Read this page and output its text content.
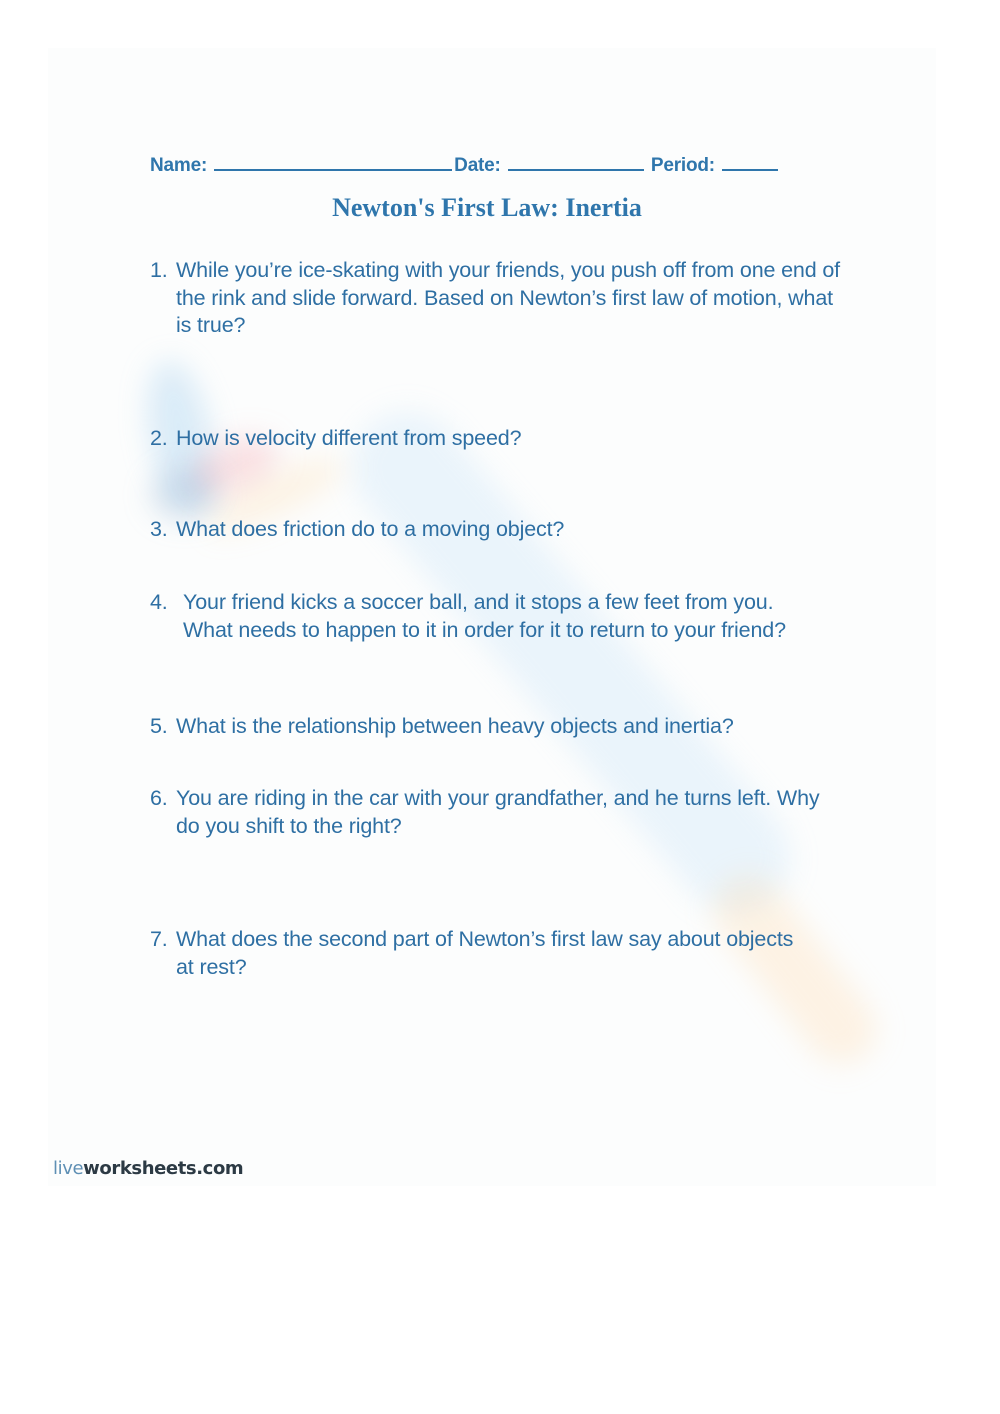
Name:	Date:	Period:
Newton's First Law: Inertia
1. While you’re ice-skating with your friends, you push off from one end of the rink and slide forward. Based on Newton’s first law of motion, what is true?
2. How is velocity different from speed?
3. What does friction do to a moving object?
4. Your friend kicks a soccer ball, and it stops a few feet from you. What needs to happen to it in order for it to return to your friend?
5. What is the relationship between heavy objects and inertia?
6. You are riding in the car with your grandfather, and he turns left. Why do you shift to the right?
7. What does the second part of Newton’s first law say about objects at rest?
liveworksheets.com
